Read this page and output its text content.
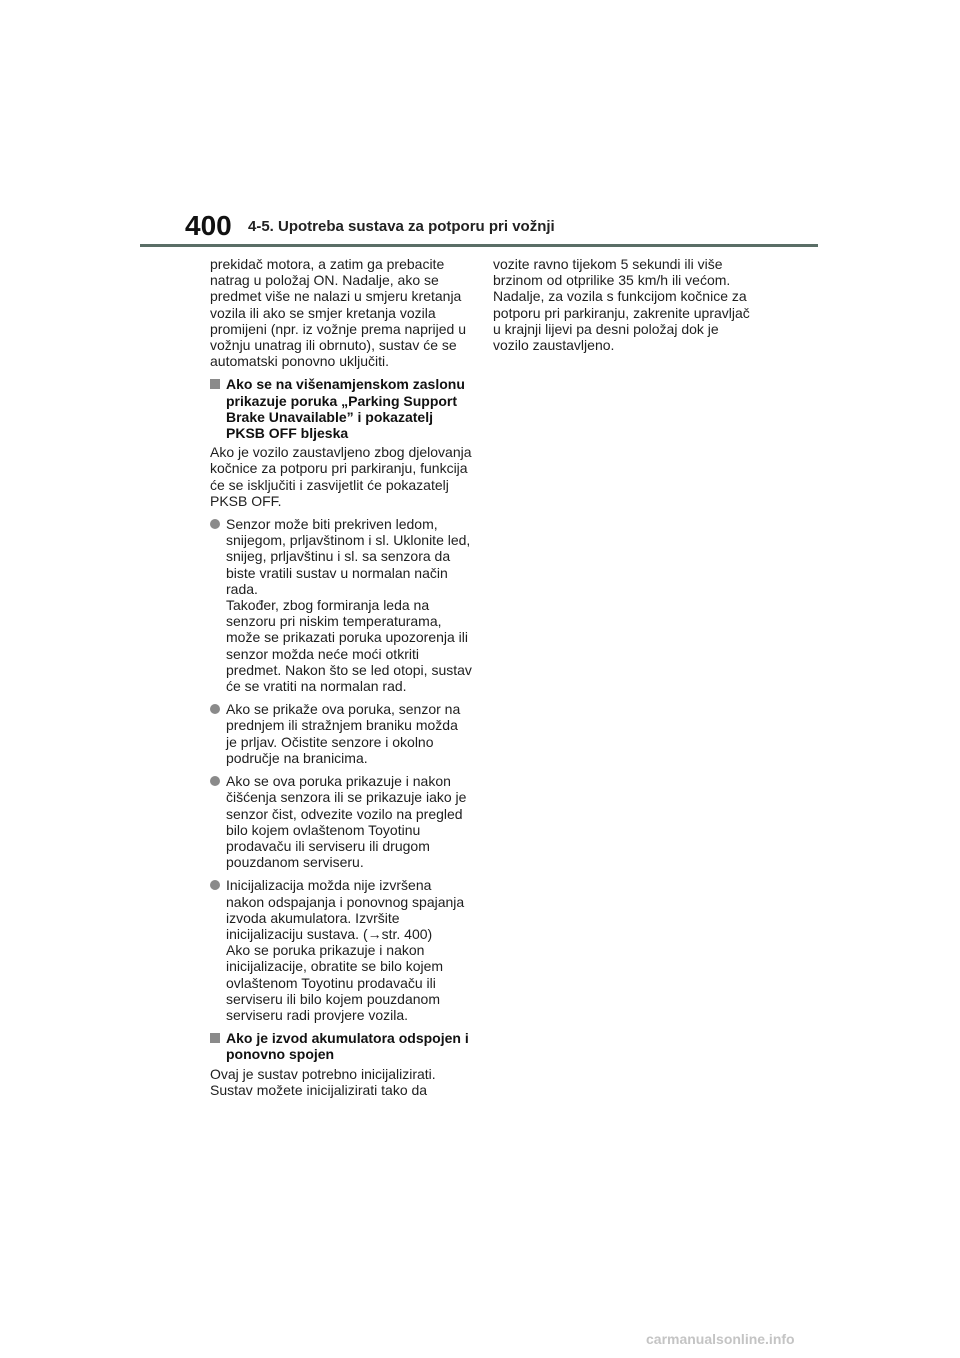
400 4-5. Upotreba sustava za potporu pri vožnji

prekidač motora, a zatim ga prebacite natrag u položaj ON. Nadalje, ako se predmet više ne nalazi u smjeru kretanja vozila ili ako se smjer kretanja vozila promijeni (npr. iz vožnje prema naprijed u vožnju unatrag ili obrnuto), sustav će se automatski ponovno uključiti.

Ako se na višenamjenskom zaslonu prikazuje poruka „Parking Support Brake Unavailable” i pokazatelj PKSB OFF bljeska

Ako je vozilo zaustavljeno zbog djelovanja kočnice za potporu pri parkiranju, funkcija će se isključiti i zasvijetlit će pokazatelj PKSB OFF.

Senzor može biti prekriven ledom, snijegom, prljavštinom i sl. Uklonite led, snijeg, prljavštinu i sl. sa senzora da biste vratili sustav u normalan način rada.
Također, zbog formiranja leda na senzoru pri niskim temperaturama, može se prikazati poruka upozorenja ili senzor možda neće moći otkriti predmet. Nakon što se led otopi, sustav će se vratiti na normalan rad.
Ako se prikaže ova poruka, senzor na prednjem ili stražnjem braniku možda je prljav. Očistite senzore i okolno područje na branicima.
Ako se ova poruka prikazuje i nakon čišćenja senzora ili se prikazuje iako je senzor čist, odvezite vozilo na pregled bilo kojem ovlaštenom Toyotinu prodavaču ili serviseru ili drugom pouzdanom serviseru.
Inicijalizacija možda nije izvršena nakon odspajanja i ponovnog spajanja izvoda akumulatora. Izvršite inicijalizaciju sustava. (→str. 400)
Ako se poruka prikazuje i nakon inicijalizacije, obratite se bilo kojem ovlaštenom Toyotinu prodavaču ili serviseru ili bilo kojem pouzdanom serviseru radi provjere vozila.
Ako je izvod akumulatora odspojen i ponovno spojen

Ovaj je sustav potrebno inicijalizirati. Sustav možete inicijalizirati tako da

vozite ravno tijekom 5 sekundi ili više brzinom od otprilike 35 km/h ili većom. Nadalje, za vozila s funkcijom kočnice za potporu pri parkiranju, zakrenite upravljač u krajnji lijevi pa desni položaj dok je vozilo zaustavljeno.

carmanualsonline.info
